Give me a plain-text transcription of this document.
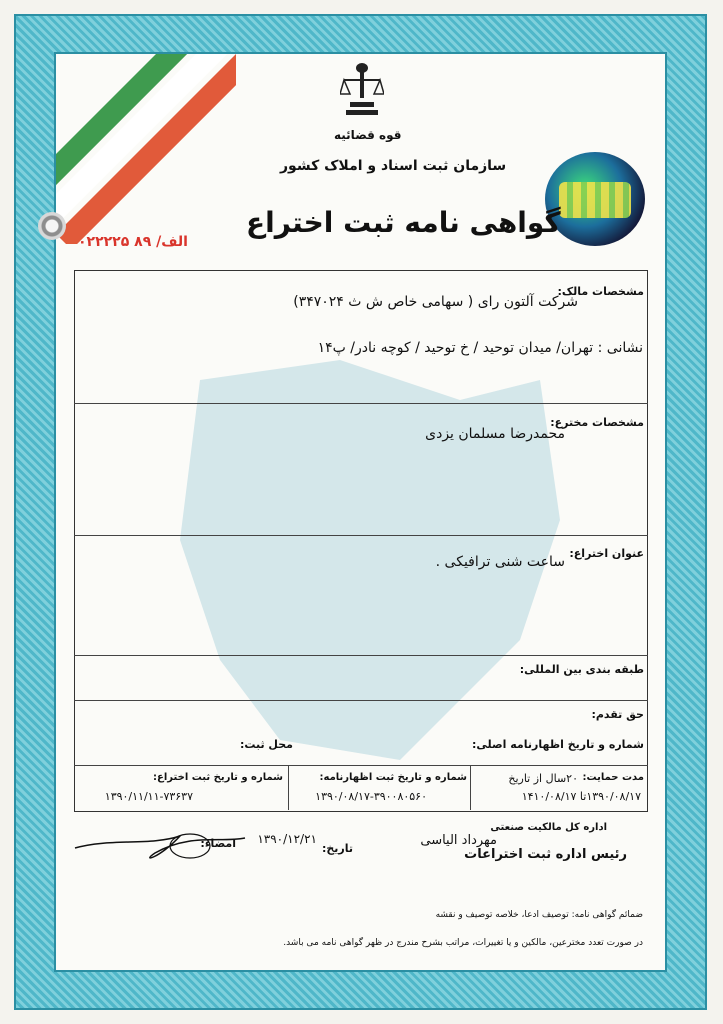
قوه قضائیه
سازمان ثبت اسناد و املاک کشور
گواهی نامه ثبت اختراع
الف/ ۸۹ ۰۲۲۲۲۵
مشخصات مالک:
شرکت آلتون رای ( سهامی خاص ش ث ۳۴۷۰۲۴)
نشانی : تهران/ میدان توحید / خ توحید / کوچه نادر/ پ۱۴
مشخصات مخترع:
محمدرضا مسلمان یزدی
عنوان اختراع:
ساعت شنی ترافیکی .
طبقه بندی بین المللی:
حق تقدم:
شماره و تاریخ اظهارنامه اصلی:
محل ثبت:
مدت حمایت:
۲۰سال از تاریخ
۱۳۹۰/۰۸/۱۷تا ۱۴۱۰/۰۸/۱۷
شماره و تاریخ ثبت اظهارنامه:
۱۳۹۰/۰۸/۱۷-۳۹۰۰۸۰۵۶۰
شماره و تاریخ ثبت اختراع:
۱۳۹۰/۱۱/۱۱-۷۳۶۳۷
اداره کل مالکیت صنعتی
رئیس اداره ثبت اختراعات
مهرداد الیاسی
تاریخ:
۱۳۹۰/۱۲/۲۱
امضاء:
ضمائم گواهی نامه: توصیف ادعا، خلاصه توصیف و نقشه
در صورت تعدد مخترعین، مالکین و یا تغییرات، مراتب بشرح مندرج در ظهر گواهی نامه می باشد.
